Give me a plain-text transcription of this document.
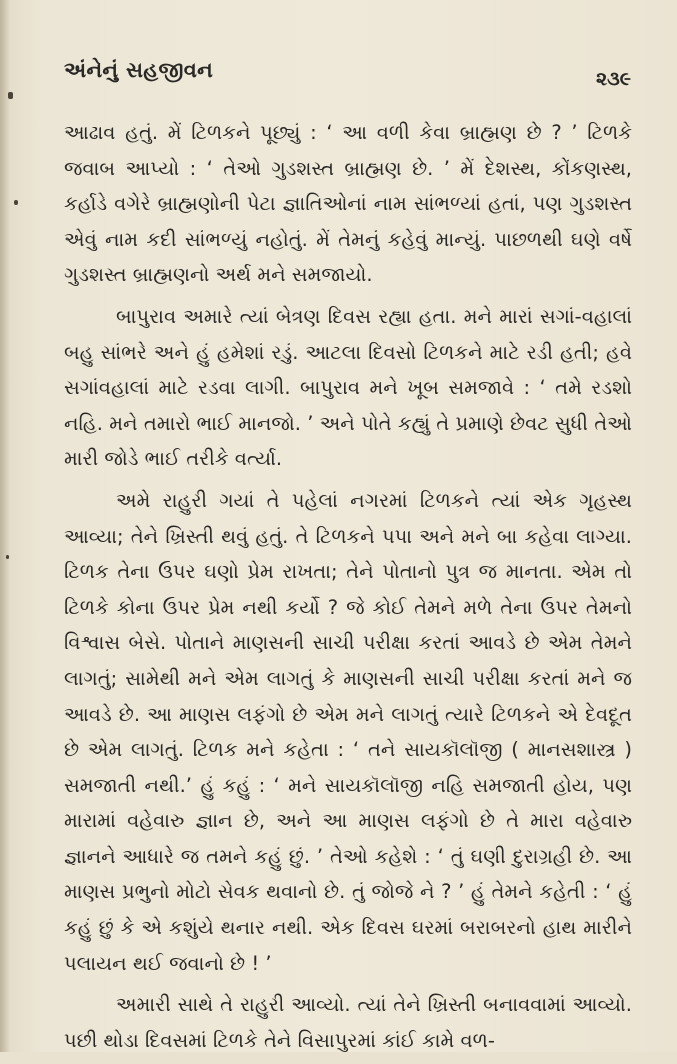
અંનેનું સહજીવન	૨૩૯

આઢાવ હતું. મેં ટિળકને પૂછ્યું : ‘ આ વળી કેવા બ્રાહ્મણ છે ? ’ ટિળકે જવાબ આપ્યો : ‘ તેઓ ગુડશસ્ત બ્રાહ્મણ છે. ’ મેં દેશસ્થ, કોંકણસ્થ, કર્હાડે વગેરે બ્રાહ્મણોની પેટા જ્ઞાતિઓનાં નામ સાંભળ્યાં હતાં, પણ ગુડશસ્ત એવું નામ કદી સાંભળ્યું નહોતું. મેં તેમનું કહેવું માન્યું. પાછળથી ઘણે વર્ષે ગુડશસ્ત બ્રાહ્મણનો અર્થ મને સમજાયો.

બાપુરાવ અમારે ત્યાં બેત્રણ દિવસ રહ્યા હતા. મને મારાં સગાં-વહાલાં બહુ સાંભરે અને હું હમેશાં રડું. આટલા દિવસો ટિળકને માટે રડી હતી; હવે સગાંવહાલાં માટે રડવા લાગી. બાપુરાવ મને ખૂબ સમજાવે : ‘ તમે રડશો નહિ. મને તમારો ભાઈ માનજો. ’ અને પોતે કહ્યું તે પ્રમાણે છેવટ સુધી તેઓ મારી જોડે ભાઈ તરીકે વર્ત્યા.

અમે રાહુરી ગયાં તે પહેલાં નગરમાં ટિળકને ત્યાં એક ગૃહસ્થ આવ્યા; તેને ખ્રિસ્તી થવું હતું. તે ટિળકને પપા અને મને બા કહેવા લાગ્યા. ટિળક તેના ઉપર ઘણો પ્રેમ રાખતા; તેને પોતાનો પુત્ર જ માનતા. એમ તો ટિળકે કોના ઉપર પ્રેમ નથી કર્યો ? જે કોઈ તેમને મળે તેના ઉપર તેમનો વિશ્વાસ બેસે. પોતાને માણસની સાચી પરીક્ષા કરતાં આવડે છે એમ તેમને લાગતું; સામેથી મને એમ લાગતું કે માણસની સાચી પરીક્ષા કરતાં મને જ આવડે છે. આ માણસ લફંગો છે એમ મને લાગતું ત્યારે ટિળકને એ દેવદૂત છે એમ લાગતું. ટિળક મને કહેતા : ‘ તને સાયકૉલૉજી ( માનસશાસ્ત્ર ) સમજાતી નથી.’ હું કહું : ‘ મને સાયકૉલૉજી નહિ સમજાતી હોય, પણ મારામાં વહેવારુ જ્ઞાન છે, અને આ માણસ લફંગો છે તે મારા વહેવારુ જ્ઞાનને આધારે જ તમને કહું છું. ’ તેઓ કહેશે : ‘ તું ઘણી દુરાગ્રહી છે. આ માણસ પ્રભુનો મોટો સેવક થવાનો છે. તું જોજે ને ? ’ હું તેમને કહેતી : ‘ હું કહું છું કે એ કશુંયે થનાર નથી. એક દિવસ ઘરમાં બરાબરનો હાથ મારીને પલાયન થઈ જવાનો છે ! ’

અમારી સાથે તે રાહુરી આવ્યો. ત્યાં તેને ખ્રિસ્તી બનાવવામાં આવ્યો. પછી થોડા દિવસમાં ટિળકે તેને વિસાપુરમાં કાંઈ કામે વળ-
